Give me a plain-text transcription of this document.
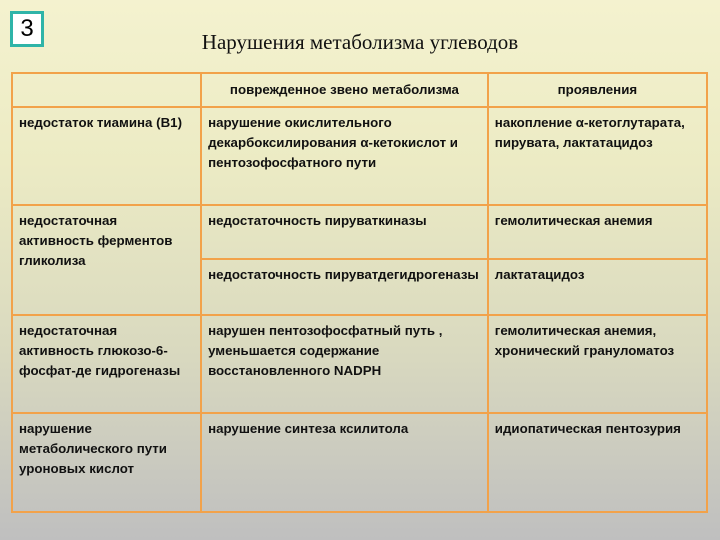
3	Нарушения метаболизма углеводов
	поврежденное звено метаболизма	проявления
недостаток тиамина (В1)	нарушение окислительного декарбоксилирования α-кетокислот и пентозофосфатного пути	накопление α-кетоглутарата, пирувата, лактатацидоз
недостаточная активность ферментов гликолиза	недостаточность пируваткиназы	гемолитическая анемия
	недостаточность пируватдегидрогеназы	лактатацидоз
недостаточная активность глюкозо-6-фосфат-де гидрогеназы	нарушен пентозофосфатный путь , уменьшается содержание восстановленного NADPH	гемолитическая анемия, хронический грануломатоз
нарушение метаболического пути уроновых кислот	нарушение синтеза ксилитола	идиопатическая пентозурия
